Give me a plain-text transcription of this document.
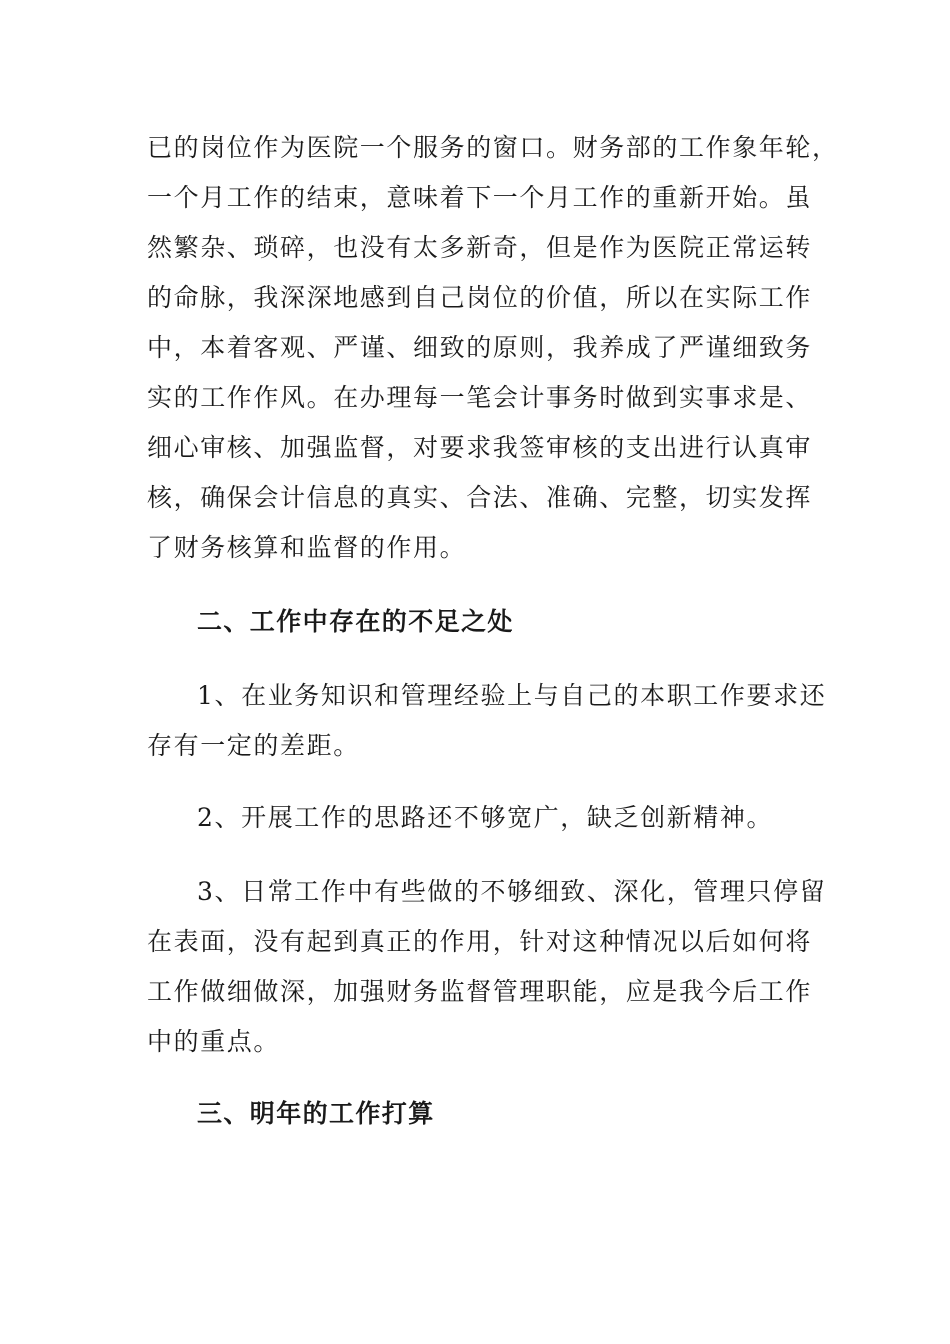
已的岗位作为医院一个服务的窗口。财务部的工作象年轮，
一个月工作的结束，意味着下一个月工作的重新开始。虽
然繁杂、琐碎，也没有太多新奇，但是作为医院正常运转
的命脉，我深深地感到自己岗位的价值，所以在实际工作
中，本着客观、严谨、细致的原则，我养成了严谨细致务
实的工作作风。在办理每一笔会计事务时做到实事求是、
细心审核、加强监督，对要求我签审核的支出进行认真审
核，确保会计信息的真实、合法、准确、完整，切实发挥
了财务核算和监督的作用。
二、工作中存在的不足之处
1、在业务知识和管理经验上与自己的本职工作要求还
存有一定的差距。
2、开展工作的思路还不够宽广，缺乏创新精神。
3、日常工作中有些做的不够细致、深化，管理只停留
在表面，没有起到真正的作用，针对这种情况以后如何将
工作做细做深，加强财务监督管理职能，应是我今后工作
中的重点。
三、明年的工作打算
